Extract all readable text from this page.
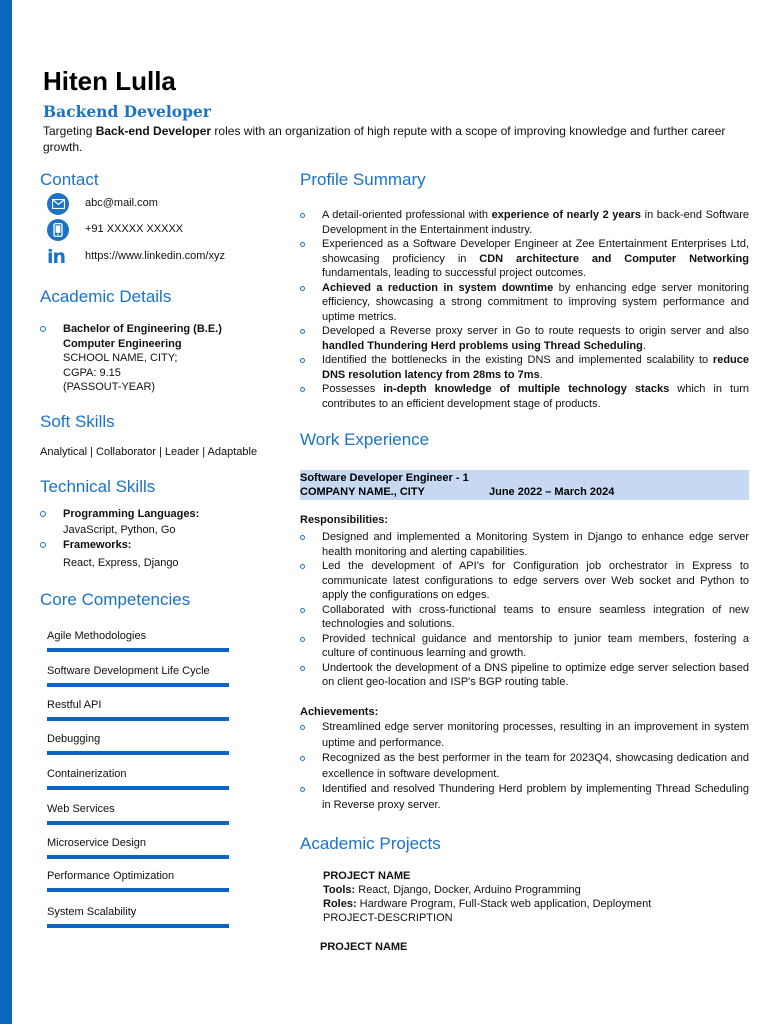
Hiten Lulla
Backend Developer
Targeting Back-end Developer roles with an organization of high repute with a scope of improving knowledge and further career growth.
Contact
abc@mail.com
+91 XXXXX XXXXX
in	https://www.linkedin.com/xyz
Academic Details
Bachelor of Engineering (B.E.)
Computer Engineering
SCHOOL NAME, CITY;
CGPA: 9.15
(PASSOUT-YEAR)
Soft Skills
Analytical | Collaborator | Leader | Adaptable
Technical Skills
Programming Languages:
JavaScript, Python, Go
Frameworks:
React, Express, Django
Core Competencies
Agile Methodologies
Software Development Life Cycle
Restful API
Debugging
Containerization
Web Services
Microservice Design
Performance Optimization
System Scalability
Profile Summary
A detail-oriented professional with experience of nearly 2 years in back-end Software Development in the Entertainment industry.
Experienced as a Software Developer Engineer at Zee Entertainment Enterprises Ltd, showcasing proficiency in CDN architecture and Computer Networking fundamentals, leading to successful project outcomes.
Achieved a reduction in system downtime by enhancing edge server monitoring efficiency, showcasing a strong commitment to improving system performance and uptime metrics.
Developed a Reverse proxy server in Go to route requests to origin server and also handled Thundering Herd problems using Thread Scheduling.
Identified the bottlenecks in the existing DNS and implemented scalability to reduce DNS resolution latency from 28ms to 7ms.
Possesses in-depth knowledge of multiple technology stacks which in turn contributes to an efficient development stage of products.
Work Experience
Software Developer Engineer - 1
COMPANY NAME., CITY	June 2022 – March 2024
Responsibilities:
Designed and implemented a Monitoring System in Django to enhance edge server health monitoring and alerting capabilities.
Led the development of API's for Configuration job orchestrator in Express to communicate latest configurations to edge servers over Web socket and Python to apply the configurations on edges.
Collaborated with cross-functional teams to ensure seamless integration of new technologies and solutions.
Provided technical guidance and mentorship to junior team members, fostering a culture of continuous learning and growth.
Undertook the development of a DNS pipeline to optimize edge server selection based on client geo-location and ISP's BGP routing table.
Achievements:
Streamlined edge server monitoring processes, resulting in an improvement in system uptime and performance.
Recognized as the best performer in the team for 2023Q4, showcasing dedication and excellence in software development.
Identified and resolved Thundering Herd problem by implementing Thread Scheduling in Reverse proxy server.
Academic Projects
PROJECT NAME
Tools: React, Django, Docker, Arduino Programming
Roles: Hardware Program, Full-Stack web application, Deployment
PROJECT-DESCRIPTION
PROJECT NAME
